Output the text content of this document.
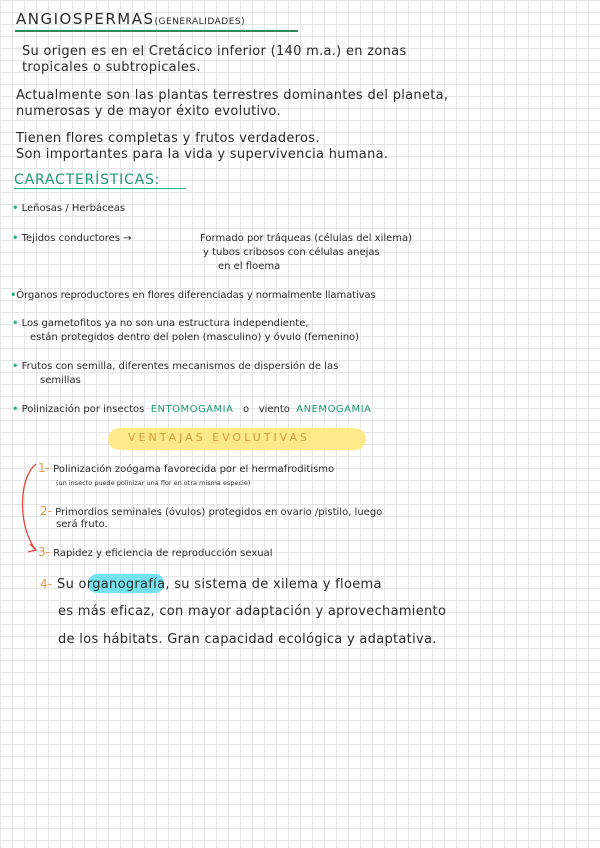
ANGIOSPERMAS(GENERALIDADES)
Su origen es en el Cretácico inferior (140 m.a.) en zonas
tropicales o subtropicales.
Actualmente son las plantas terrestres dominantes del planeta,
numerosas y de mayor éxito evolutivo.
Tienen flores completas y frutos verdaderos.
Son importantes para la vida y supervivencia humana.
CARACTERÍSTICAS:
• Leñosas / Herbáceas
• Tejidos conductores →	Formado por tráqueas (células del xilema)
y tubos cribosos con células anejas
en el floema
•Órganos reproductores en flores diferenciadas y normalmente llamativas
• Los gametofitos ya no son una estructura independiente,
están protegidos dentro del polen (masculino) y óvulo (femenino)
• Frutos con semilla, diferentes mecanismos de dispersión de las
semillas
• Polinización por insectos ENTOMOGAMIA o viento ANEMOGAMIA
VENTAJAS EVOLUTIVAS
1- Polinización zoógama favorecida por el hermafroditismo
(un insecto puede polinizar una flor en otra misma especie)
2- Primordios seminales (óvulos) protegidos en ovario /pistilo, luego
será fruto.
3- Rapidez y eficiencia de reproducción sexual
4- Su organografía, su sistema de xilema y floema
es más eficaz, con mayor adaptación y aprovechamiento
de los hábitats. Gran capacidad ecológica y adaptativa.
